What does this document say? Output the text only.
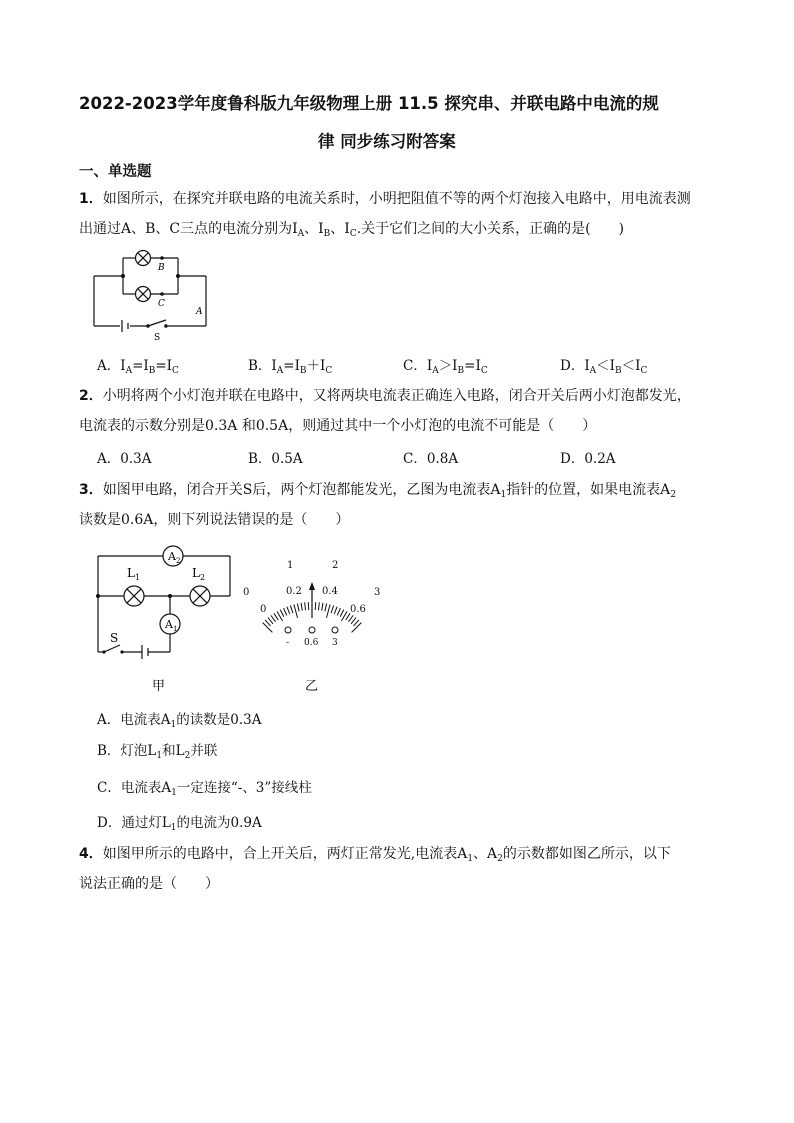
2022-2023学年度鲁科版九年级物理上册 11.5 探究串、并联电路中电流的规
律 同步练习附答案
一、单选题
1．如图所示，在探究并联电路的电流关系时，小明把阻值不等的两个灯泡接入电路中，用电流表测
出通过A、B、C三点的电流分别为$I_A$、$I_B$、$I_C$.关于它们之间的大小关系，正确的是(　　)
B
C
A
S
A．$I_A=I_B=I_C$	B．$I_A=I_B+I_C$	C．$I_A>I_B=I_C$	D．$I_A<I_B<I_C$
2．小明将两个小灯泡并联在电路中，又将两块电流表正确连入电路，闭合开关后两小灯泡都发光，
电流表的示数分别是0.3A 和0.5A，则通过其中一个小灯泡的电流不可能是（　　）
A．0.3A	B．0.5A	C．0.8A	D．0.2A
3．如图甲电路，闭合开关S后，两个灯泡都能发光，乙图为电流表$A_1$指针的位置，如果电流表$A_2$
读数是0.6A，则下列说法错误的是（　　）
$A_2$
$L_1$	$L_2$
$A_1$
S
甲
0
1	2
3
0
0.2 0.4
0.6
- 0.6 3
乙
A．电流表$A_1$的读数是0.3A
B．灯泡$L_1$和$L_2$并联
C．电流表$A_1$一定连接“-、3”接线柱
D．通过灯$L_1$的电流为0.9A
4．如图甲所示的电路中，合上开关后，两灯正常发光,电流表$A_1$、$A_2$的示数都如图乙所示，以下
说法正确的是（　　）
